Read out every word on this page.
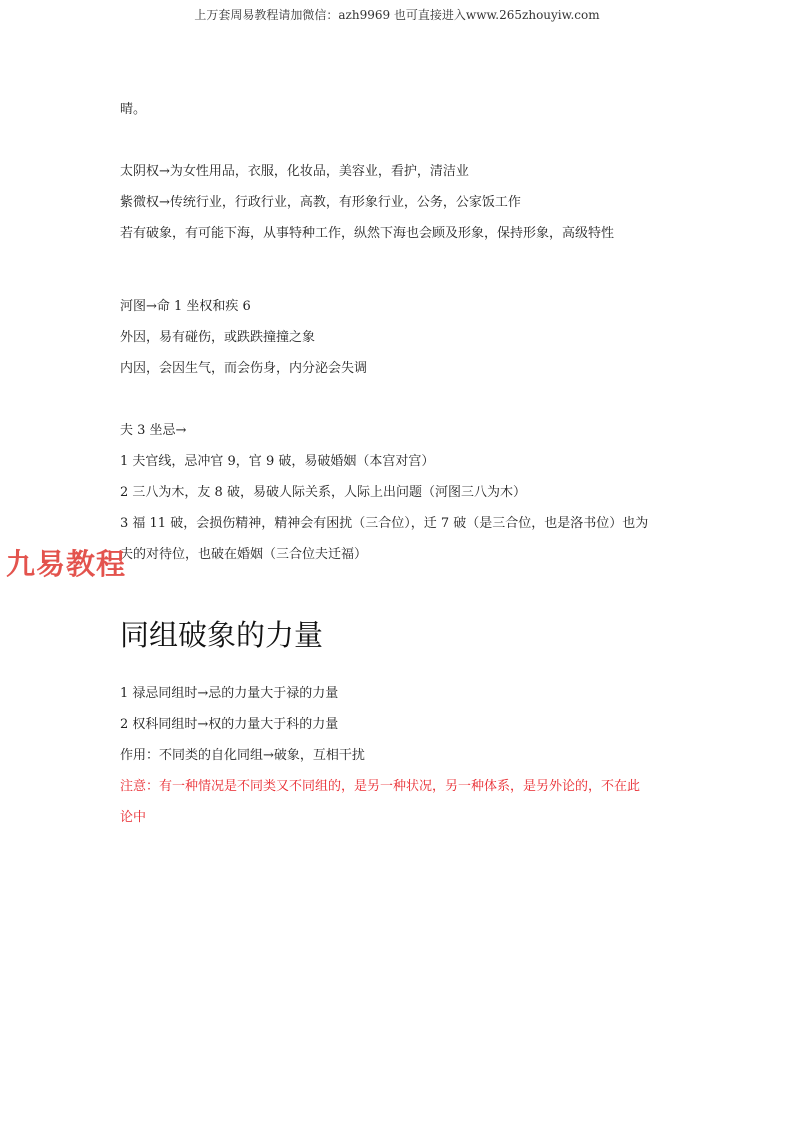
上万套周易教程请加微信：azh9969 也可直接进入www.265zhouyiw.com
晴。
太阴权→为女性用品，衣服，化妆品，美容业，看护，清洁业
紫微权→传统行业，行政行业，高教，有形象行业，公务，公家饭工作
若有破象，有可能下海，从事特种工作，纵然下海也会顾及形象，保持形象，高级特性
河图→命 1 坐权和疾 6
外因，易有碰伤，或跌跌撞撞之象
内因，会因生气，而会伤身，内分泌会失调
夫 3 坐忌→
1 夫官线，忌冲官 9，官 9 破，易破婚姻（本宫对宫）
2 三八为木，友 8 破，易破人际关系，人际上出问题（河图三八为木）
3 福 11 破，会损伤精神，精神会有困扰（三合位），迁 7 破（是三合位，也是洛书位）也为
夫的对待位，也破在婚姻（三合位夫迁福）
同组破象的力量
1 禄忌同组时→忌的力量大于禄的力量
2 权科同组时→权的力量大于科的力量
作用：不同类的自化同组→破象，互相干扰
注意：有一种情况是不同类又不同组的，是另一种状况，另一种体系，是另外论的，不在此
论中
九易教程
